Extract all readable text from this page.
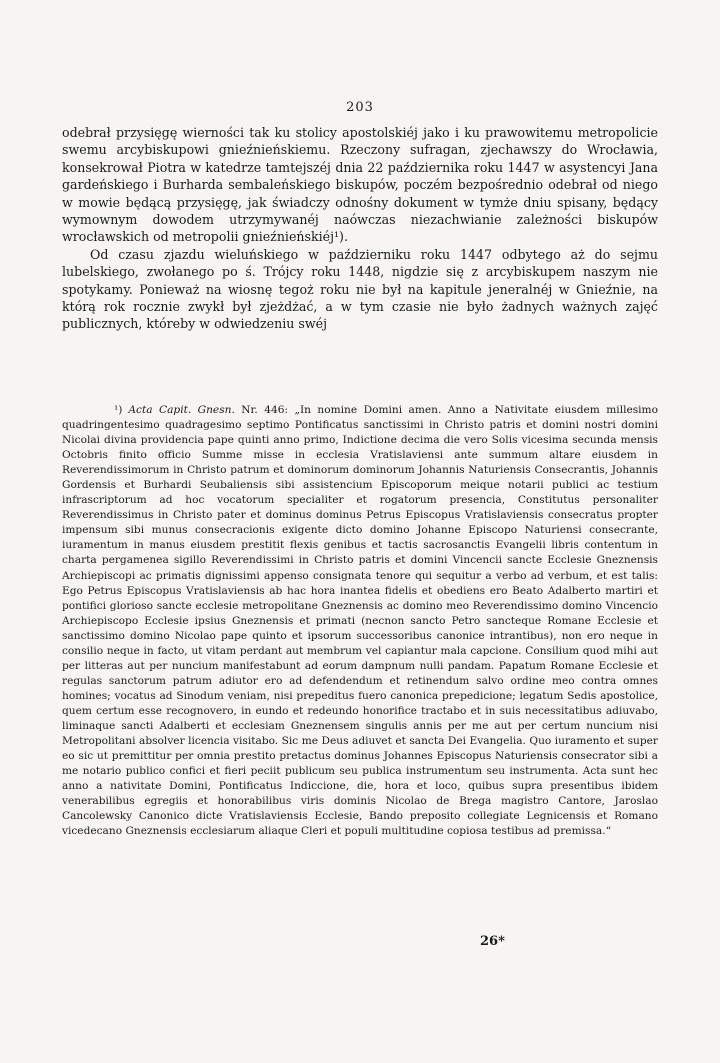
203

odebrał przysięgę wierności tak ku stolicy apostolskiéj jako i ku prawowitemu metropolicie swemu arcybiskupowi gnieźnieńskiemu. Rzeczony sufragan, zjechawszy do Wrocławia, konsekrował Piotra w katedrze tamtejszéj dnia 22 października roku 1447 w asystencyi Jana gardeńskiego i Burharda sembaleńskiego biskupów, poczém bezpośrednio odebrał od niego w mowie będącą przysięgę, jak świadczy odnośny dokument w tymże dniu spisany, będący wymownym dowodem utrzymywanéj naówczas niezachwianie zależności biskupów wrocławskich od metropolii gnieźnieńskiéj¹).

Od czasu zjazdu wieluńskiego w październiku roku 1447 odbytego aż do sejmu lubelskiego, zwołanego po ś. Trójcy roku 1448, nigdzie się z arcybiskupem naszym nie spotykamy. Ponieważ na wiosnę tegoż roku nie był na kapitule jeneralnéj w Gnieźnie, na którą rok rocznie zwykł był zjeżdżać, a w tym czasie nie było żadnych ważnych zajęć publicznych, któreby w odwiedzeniu swéj

¹) Acta Capit. Gnesn. Nr. 446: „In nomine Domini amen. Anno a Nativitate eiusdem millesimo quadringentesimo quadragesimo septimo Pontificatus sanctissimi in Christo patris et domini nostri domini Nicolai divina providencia pape quinti anno primo, Indictione decima die vero Solis vicesima secunda mensis Octobris finito officio Summe misse in ecclesia Vratislaviensi ante summum altare eiusdem in Reverendissimorum in Christo patrum et dominorum dominorum Johannis Naturiensis Consecrantis, Johannis Gordensis et Burhardi Seubaliensis sibi assistencium Episcoporum meique notarii publici ac testium infrascriptorum ad hoc vocatorum specialiter et rogatorum presencia, Constitutus personaliter Reverendissimus in Christo pater et dominus dominus Petrus Episcopus Vratislaviensis consecratus propter impensum sibi munus consecracionis exigente dicto domino Johanne Episcopo Naturiensi consecrante, iuramentum in manus eiusdem prestitit flexis genibus et tactis sacrosanctis Evangelii libris contentum in charta pergamenea sigillo Reverendissimi in Christo patris et domini Vincencii sancte Ecclesie Gneznensis Archiepiscopi ac primatis dignissimi appenso consignata tenore qui sequitur a verbo ad verbum, et est talis: Ego Petrus Episcopus Vratislaviensis ab hac hora inantea fidelis et obediens ero Beato Adalberto martiri et pontifici glorioso sancte ecclesie metropolitane Gneznensis ac domino meo Reverendissimo domino Vincencio Archiepiscopo Ecclesie ipsius Gneznensis et primati (necnon sancto Petro sancteque Romane Ecclesie et sanctissimo domino Nicolao pape quinto et ipsorum successoribus canonice intrantibus), non ero neque in consilio neque in facto, ut vitam perdant aut membrum vel capiantur mala capcione. Consilium quod mihi aut per litteras aut per nuncium manifestabunt ad eorum dampnum nulli pandam. Papatum Romane Ecclesie et regulas sanctorum patrum adiutor ero ad defendendum et retinendum salvo ordine meo contra omnes homines; vocatus ad Sinodum veniam, nisi prepeditus fuero canonica prepedicione; legatum Sedis apostolice, quem certum esse recognovero, in eundo et redeundo honorifice tractabo et in suis necessitatibus adiuvabo, liminaque sancti Adalberti et ecclesiam Gneznensem singulis annis per me aut per certum nuncium nisi Metropolitani absolver licencia visitabo. Sic me Deus adiuvet et sancta Dei Evangelia. Quo iuramento et super eo sic ut premittitur per omnia prestito pretactus dominus Johannes Episcopus Naturiensis consecrator sibi a me notario publico confici et fieri peciit publicum seu publica instrumentum seu instrumenta. Acta sunt hec anno a nativitate Domini, Pontificatus Indiccione, die, hora et loco, quibus supra presentibus ibidem venerabilibus egregiis et honorabilibus viris dominis Nicolao de Brega magistro Cantore, Jaroslao Cancolewsky Canonico dicte Vratislaviensis Ecclesie, Bando preposito collegiate Legnicensis et Romano vicedecano Gneznensis ecclesiarum aliaque Cleri et populi multitudine copiosa testibus ad premissa.“
26*
